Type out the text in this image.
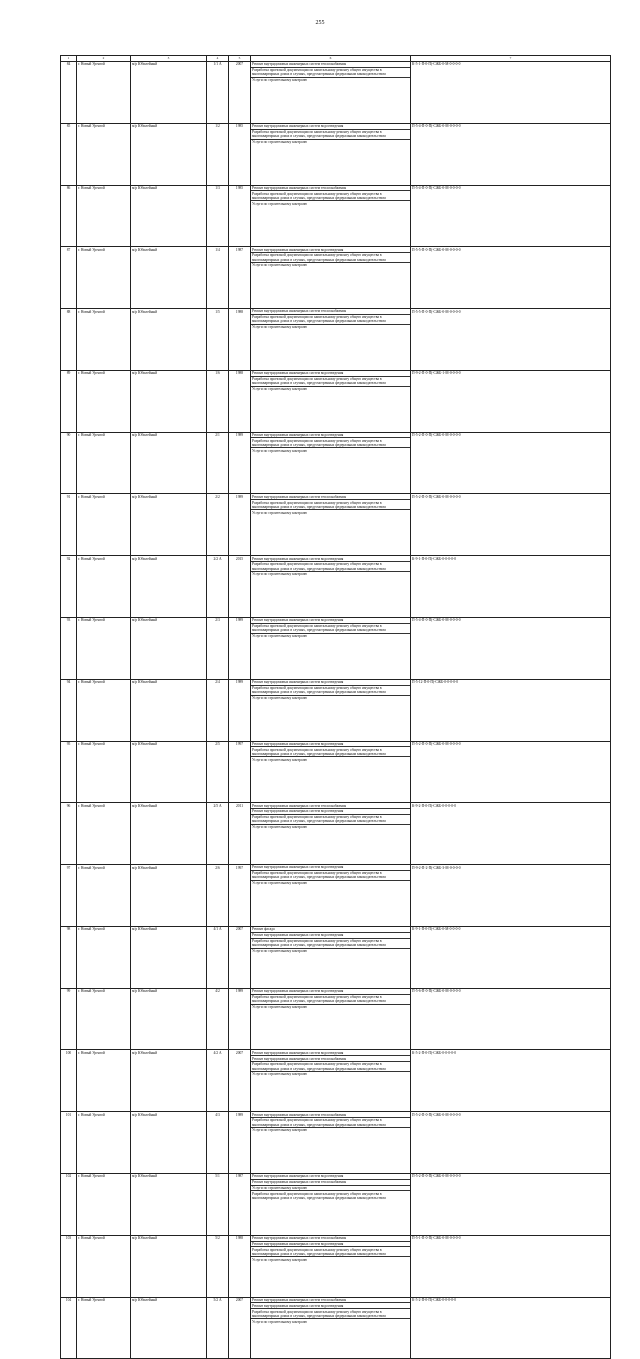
255
1	2	3	4	5	6	7
84	г. Новый Уренгой	м/р Юбилейный	1/1 А	2007	Ремонт внутридомовых инженерных систем теплоснабжения
Разработка проектной документации по капитальному ремонту общего имущества в многоквартирных домах в случаях, предусмотренных федеральным законодательством
Услуги по строительному контролю	К-5-1-П-0-П(-СЖБ-0-М-0-0-0-0
85	г. Новый Уренгой	м/р Юбилейный	1/2	1985	Ремонт внутридомовых инженерных систем водоотведения
Разработка проектной документации по капитальному ремонту общего имущества в многоквартирных домах в случаях, предусмотренных федеральным законодательством
Услуги по строительному контролю	П-5-4-П-0-П(-СЖБ-0-М-0-0-0-0
86	г. Новый Уренгой	м/р Юбилейный	1/3	1985	Ремонт внутридомовых инженерных систем теплоснабжения
Разработка проектной документации по капитальному ремонту общего имущества в многоквартирных домах в случаях, предусмотренных федеральным законодательством
Услуги по строительному контролю	П-5-4-П-0-П(-СЖБ-0-М-0-0-0-0
87	г. Новый Уренгой	м/р Юбилейный	1/4	1987	Ремонт внутридомовых инженерных систем водоотведения
Разработка проектной документации по капитальному ремонту общего имущества в многоквартирных домах в случаях, предусмотренных федеральным законодательством
Услуги по строительному контролю	П-5-5-П-0-П(-СЖБ-0-М-0-0-0-0
88	г. Новый Уренгой	м/р Юбилейный	1/5	1988	Ремонт внутридомовых инженерных систем теплоснабжения
Разработка проектной документации по капитальному ремонту общего имущества в многоквартирных домах в случаях, предусмотренных федеральным законодательством
Услуги по строительному контролю	П-5-5-П-0-П(-СЖБ-0-М-0-0-0-0
89	г. Новый Уренгой	м/р Юбилейный	1/6	1988	Ремонт внутридомовых инженерных систем водоотведения
Разработка проектной документации по капитальному ремонту общего имущества в многоквартирных домах в случаях, предусмотренных федеральным законодательством
Услуги по строительному контролю	П-9-2-П-0-П(-СЖБ-1-М-0-0-0-0
90	г. Новый Уренгой	м/р Юбилейный	2/1	1989	Ремонт внутридомовых инженерных систем водоотведения
Разработка проектной документации по капитальному ремонту общего имущества в многоквартирных домах в случаях, предусмотренных федеральным законодательством
Услуги по строительному контролю	П-5-2-П-0-П(-СЖБ-0-М-0-0-0-0
91	г. Новый Уренгой	м/р Юбилейный	2/2	1989	Ремонт внутридомовых инженерных систем теплоснабжения
Разработка проектной документации по капитальному ремонту общего имущества в многоквартирных домах в случаях, предусмотренных федеральным законодательством
Услуги по строительному контролю	П-5-2-П-0-П(-СЖБ-0-М-0-0-0-0
92	г. Новый Уренгой	м/р Юбилейный	2/2 А	2015	Ремонт внутридомовых инженерных систем водоотведения
Разработка проектной документации по капитальному ремонту общего имущества в многоквартирных домах в случаях, предусмотренных федеральным законодательством
Услуги по строительному контролю	К-9-1-П-0-П(-СЖБ-0-0-0-0-0
93	г. Новый Уренгой	м/р Юбилейный	2/3	1989	Ремонт внутридомовых инженерных систем водоотведения
Разработка проектной документации по капитальному ремонту общего имущества в многоквартирных домах в случаях, предусмотренных федеральным законодательством
Услуги по строительному контролю	П-5-4-П-0-П(-СЖБ-0-М-0-0-0-0
94	г. Новый Уренгой	м/р Юбилейный	2/4	1989	Ремонт внутридомовых инженерных систем водоотведения
Разработка проектной документации по капитальному ремонту общего имущества в многоквартирных домах в случаях, предусмотренных федеральным законодательством
Услуги по строительному контролю	П-5-12-П-0-П(-СЖБ-0-0-0-0-0
95	г. Новый Уренгой	м/р Юбилейный	2/5	1997	Ремонт внутридомовых инженерных систем водоотведения
Разработка проектной документации по капитальному ремонту общего имущества в многоквартирных домах в случаях, предусмотренных федеральным законодательством
Услуги по строительному контролю	П-5-2-П-0-П(-СЖБ-0-М-0-0-0-0
96	г. Новый Уренгой	м/р Юбилейный	2/5 А	2011	Ремонт внутридомовых инженерных систем теплоснабжения
Ремонт внутридомовых инженерных систем водоотведения
Разработка проектной документации по капитальному ремонту общего имущества в многоквартирных домах в случаях, предусмотренных федеральным законодательством
Услуги по строительному контролю	К-9-2-П-0-П(-СЖБ-0-0-0-0-0
97	г. Новый Уренгой	м/р Юбилейный	2/6	1997	Ремонт внутридомовых инженерных систем водоотведения
Разработка проектной документации по капитальному ремонту общего имущества в многоквартирных домах в случаях, предусмотренных федеральным законодательством
Услуги по строительному контролю	П-9-2-П-2-П(-СЖБ-3-М-0-0-0-0
98	г. Новый Уренгой	м/р Юбилейный	4/1 А	2007	Ремонт фасада
Ремонт внутридомовых инженерных систем водоотведения
Разработка проектной документации по капитальному ремонту общего имущества в многоквартирных домах в случаях, предусмотренных федеральным законодательством
Услуги по строительному контролю	К-9-1-П-0-П(-СЖБ-0-М-0-0-0-0
99	г. Новый Уренгой	м/р Юбилейный	4/2	1989	Ремонт внутридомовых инженерных систем водоотведения
Разработка проектной документации по капитальному ремонту общего имущества в многоквартирных домах в случаях, предусмотренных федеральным законодательством
Услуги по строительному контролю	П-5-6-П-0-П(-СЖБ-0-М-0-0-0-0
100	г. Новый Уренгой	м/р Юбилейный	4/2 А	2007	Ремонт внутридомовых инженерных систем водоотведения
Ремонт внутридомовых инженерных систем теплоснабжения
Разработка проектной документации по капитальному ремонту общего имущества в многоквартирных домах в случаях, предусмотренных федеральным законодательством
Услуги по строительному контролю	К-5-2-П-0-П(-СЖБ-0-0-0-0-0
101	г. Новый Уренгой	м/р Юбилейный	4/3	1989	Ремонт внутридомовых инженерных систем теплоснабжения
Разработка проектной документации по капитальному ремонту общего имущества в многоквартирных домах в случаях, предусмотренных федеральным законодательством
Услуги по строительному контролю	П-5-2-П-0-П(-СЖБ-0-М-0-0-0-0
102	г. Новый Уренгой	м/р Юбилейный	5/1	1987	Ремонт внутридомовых инженерных систем водоотведения
Ремонт внутридомовых инженерных систем теплоснабжения
Услуги по строительному контролю
Разработка проектной документации по капитальному ремонту общего имущества в многоквартирных домах в случаях, предусмотренных федеральным законодательством	П-5-2-П-0-П(-СЖБ-0-М-0-0-0-0
103	г. Новый Уренгой	м/р Юбилейный	5/2	1988	Ремонт внутридомовых инженерных систем теплоснабжения
Ремонт внутридомовых инженерных систем водоотведения
Разработка проектной документации по капитальному ремонту общего имущества в многоквартирных домах в случаях, предусмотренных федеральным законодательством
Услуги по строительному контролю	П-5-1-П-0-П(-СЖБ-0-М-0-0-0-0
104	г. Новый Уренгой	м/р Юбилейный	5/2 А	2007	Ремонт внутридомовых инженерных систем теплоснабжения
Ремонт внутридомовых инженерных систем водоотведения
Разработка проектной документации по капитальному ремонту общего имущества в многоквартирных домах в случаях, предусмотренных федеральным законодательством
Услуги по строительному контролю	К-5-2-П-0-П(-СЖБ-0-0-0-0-0
